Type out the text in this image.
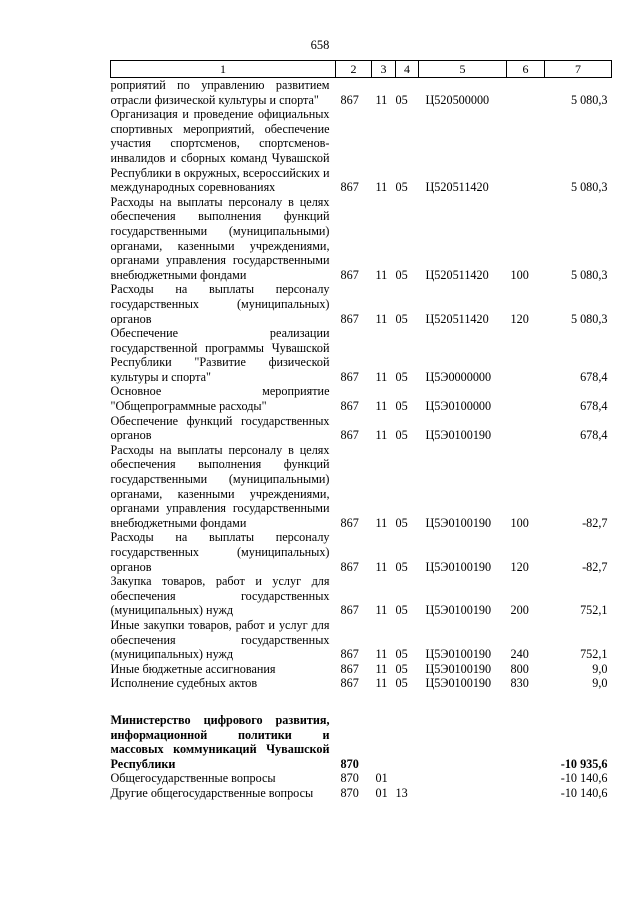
658
1	2	3	4	5	6	7
роприятий по управлению развитием отрасли физической культуры и спорта"	867	11	05	Ц520500000		5 080,3
Организация и проведение официальных спортивных мероприятий, обеспечение участия спортсменов, спортсменов-инвалидов и сборных команд Чувашской Республики в окружных, всероссийских и международных соревнованиях	867	11	05	Ц520511420		5 080,3
Расходы на выплаты персоналу в целях обеспечения выполнения функций государственными (муниципальными) органами, казенными учреждениями, органами управления государственными внебюджетными фондами	867	11	05	Ц520511420	100	5 080,3
Расходы на выплаты персоналу государственных (муниципальных) органов	867	11	05	Ц520511420	120	5 080,3
Обеспечение реализации государственной программы Чувашской Республики "Развитие физической культуры и спорта"	867	11	05	Ц5Э0000000		678,4
Основное мероприятие "Общепрограммные расходы"	867	11	05	Ц5Э0100000		678,4
Обеспечение функций государственных органов	867	11	05	Ц5Э0100190		678,4
Расходы на выплаты персоналу в целях обеспечения выполнения функций государственными (муниципальными) органами, казенными учреждениями, органами управления государственными внебюджетными фондами	867	11	05	Ц5Э0100190	100	-82,7
Расходы на выплаты персоналу государственных (муниципальных) органов	867	11	05	Ц5Э0100190	120	-82,7
Закупка товаров, работ и услуг для обеспечения государственных (муниципальных) нужд	867	11	05	Ц5Э0100190	200	752,1
Иные закупки товаров, работ и услуг для обеспечения государственных (муниципальных) нужд	867	11	05	Ц5Э0100190	240	752,1
Иные бюджетные ассигнования	867	11	05	Ц5Э0100190	800	9,0
Исполнение судебных актов	867	11	05	Ц5Э0100190	830	9,0

Министерство цифрового развития, информационной политики и массовых коммуникаций Чувашской Республики	870					-10 935,6
Общегосударственные вопросы	870	01				-10 140,6
Другие общегосударственные вопросы	870	01	13			-10 140,6
